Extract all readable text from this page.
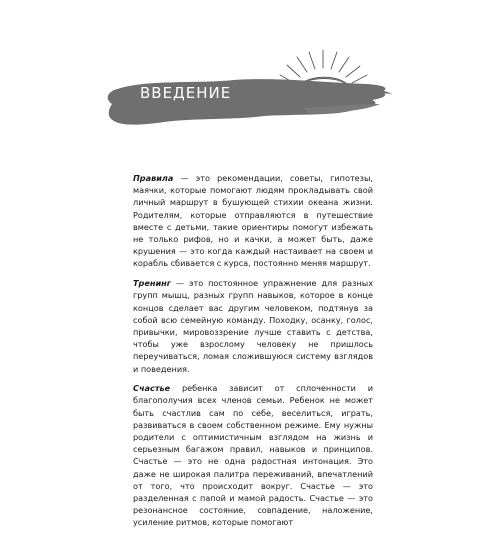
ВВЕДЕНИЕ

Правила — это рекомендации, советы, гипотезы, маячки, которые помогают людям прокладывать свой личный маршрут в бушующей стихии океана жизни. Родителям, которые отправляются в путешествие вместе с детьми, такие ориентиры помогут избежать не только рифов, но и качки, а может быть, даже крушения — это когда каждый настаивает на своем и корабль сбивается с курса, постоянно меняя маршрут.

Тренинг — это постоянное упражнение для разных групп мышц, разных групп навыков, которое в конце концов сделает вас другим человеком, подтянув за собой всю семейную команду. Походку, осанку, голос, привычки, мировоззрение лучше ставить с детства, чтобы уже взрослому человеку не пришлось переучиваться, ломая сложившуюся систему взглядов и поведения.

Счастье ребенка зависит от сплоченности и благополучия всех членов семьи. Ребенок не может быть счастлив сам по себе, веселиться, играть, развиваться в своем собственном режиме. Ему нужны родители с оптимистичным взглядом на жизнь и серьезным багажом правил, навыков и принципов. Счастье — это не одна радостная интонация. Это даже не широкая палитра переживаний, впечатлений от того, что происходит вокруг. Счастье — это разделенная с папой и мамой радость. Счастье — это резонансное состояние, совпадение, наложение, усиление ритмов, которые помогают
